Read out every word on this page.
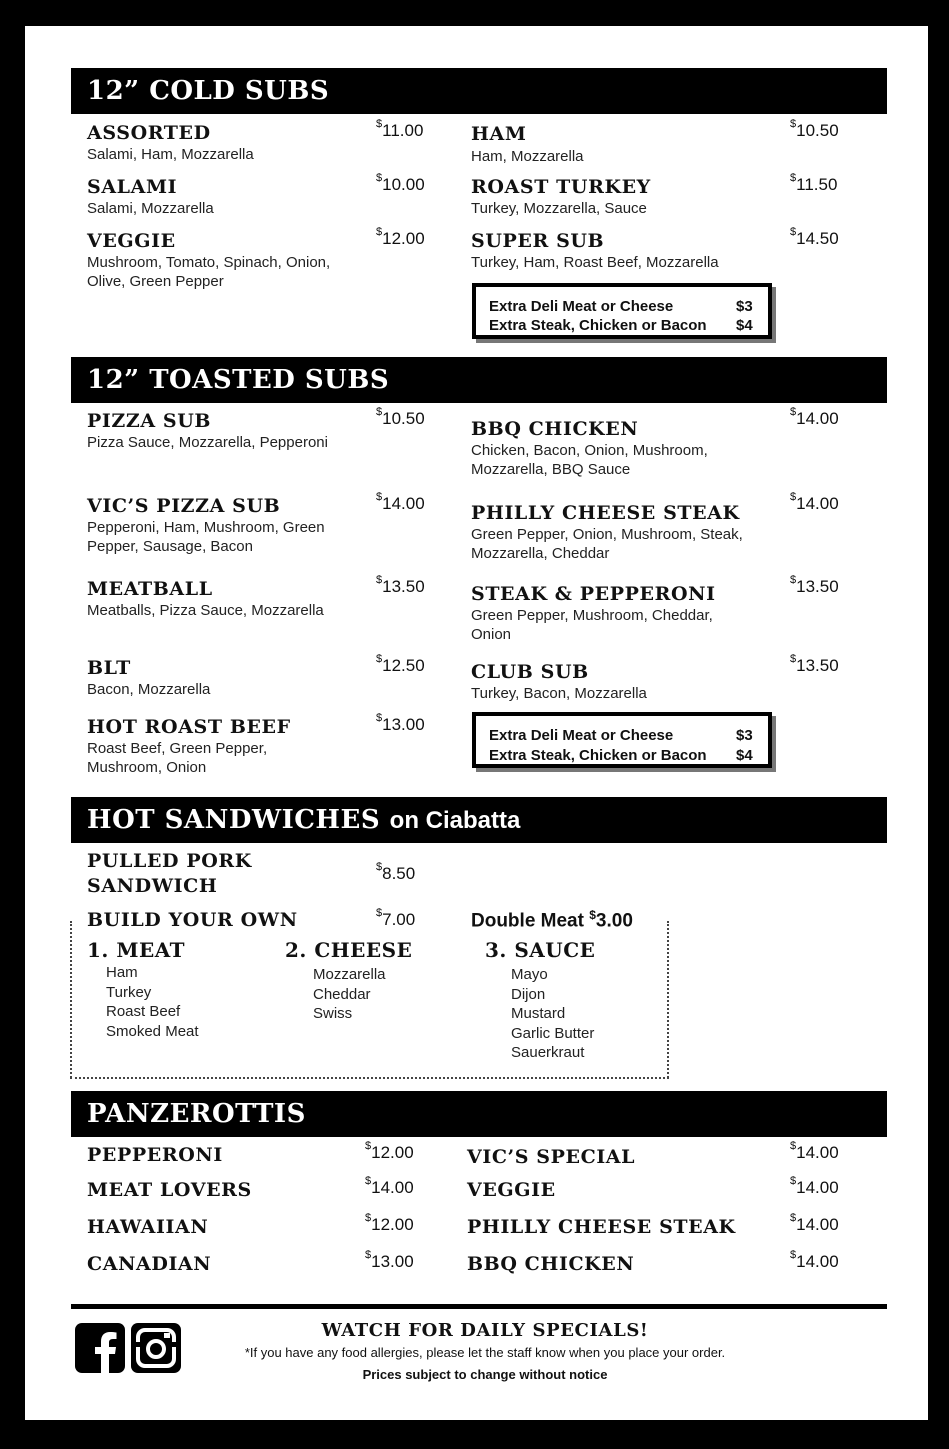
12” COLD SUBS
ASSORTED
Salami, Ham, Mozzarella
$11.00
SALAMI
Salami, Mozzarella
$10.00
VEGGIE
Mushroom, Tomato, Spinach, Onion, Olive, Green Pepper
$12.00
HAM
Ham, Mozzarella
$10.50
ROAST TURKEY
Turkey, Mozzarella, Sauce
$11.50
SUPER SUB
Turkey, Ham, Roast Beef, Mozzarella
$14.50
Extra Deli Meat or Cheese	$3
Extra Steak, Chicken or Bacon $4
12” TOASTED SUBS
PIZZA SUB
Pizza Sauce, Mozzarella, Pepperoni
$10.50
VIC’S PIZZA SUB
Pepperoni, Ham, Mushroom, Green Pepper, Sausage, Bacon
$14.00
MEATBALL
Meatballs, Pizza Sauce, Mozzarella
$13.50
BLT
Bacon, Mozzarella
$12.50
HOT ROAST BEEF
Roast Beef, Green Pepper, Mushroom, Onion
$13.00
BBQ CHICKEN
Chicken, Bacon, Onion, Mushroom, Mozzarella, BBQ Sauce
$14.00
PHILLY CHEESE STEAK
Green Pepper, Onion, Mushroom, Steak, Mozzarella, Cheddar
$14.00
STEAK & PEPPERONI
Green Pepper, Mushroom, Cheddar, Onion
$13.50
CLUB SUB
Turkey, Bacon, Mozzarella
$13.50
Extra Deli Meat or Cheese	$3
Extra Steak, Chicken or Bacon $4
HOT SANDWICHES on Ciabatta
PULLED PORK
SANDWICH
$8.50
BUILD YOUR OWN	$7.00	Double Meat $3.00
1. MEAT
Ham
Turkey
Roast Beef
Smoked Meat
2. CHEESE
Mozzarella
Cheddar
Swiss
3. SAUCE
Mayo
Dijon
Mustard
Garlic Butter
Sauerkraut
PANZEROTTIS
PEPPERONI	$12.00
MEAT LOVERS	$14.00
HAWAIIAN	$12.00
CANADIAN	$13.00
VIC’S SPECIAL	$14.00
VEGGIE	$14.00
PHILLY CHEESE STEAK	$14.00
BBQ CHICKEN	$14.00
WATCH FOR DAILY SPECIALS!
*If you have any food allergies, please let the staff know when you place your order.
Prices subject to change without notice
